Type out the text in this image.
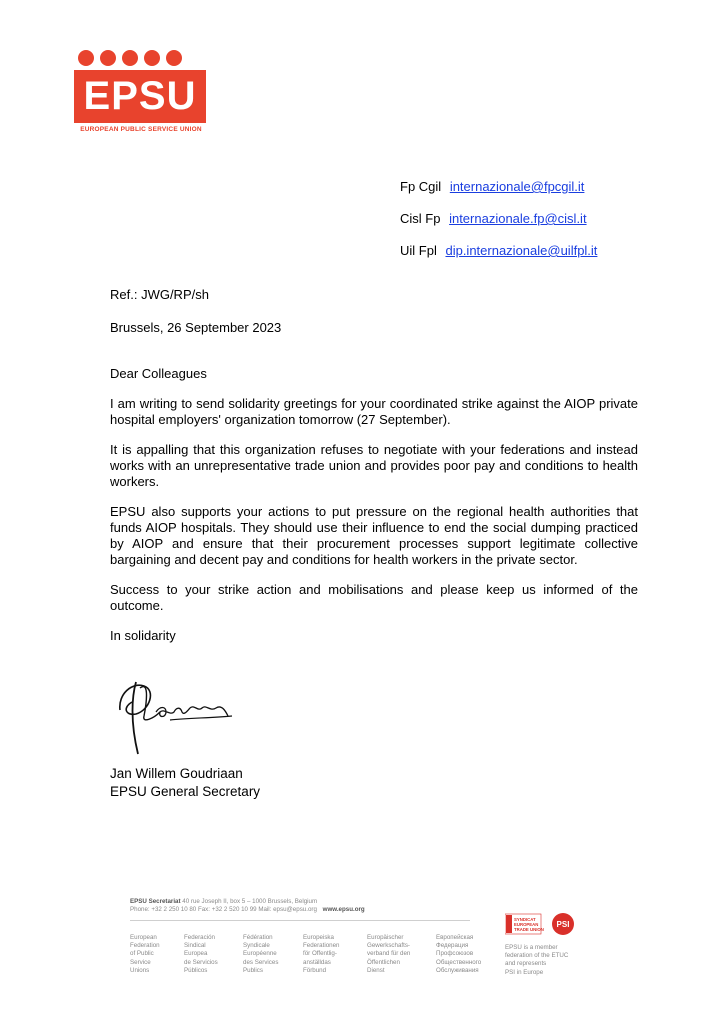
EPSU
EUROPEAN PUBLIC SERVICE UNION
Fp Cgil internazionale@fpcgil.it
Cisl Fp internazionale.fp@cisl.it
Uil Fpl dip.internazionale@uilfpl.it

Ref.: JWG/RP/sh

Brussels, 26 September 2023

Dear Colleagues

I am writing to send solidarity greetings for your coordinated strike against the AIOP private hospital employers' organization tomorrow (27 September).

It is appalling that this organization refuses to negotiate with your federations and instead works with an unrepresentative trade union and provides poor pay and conditions to health workers.

EPSU also supports your actions to put pressure on the regional health authorities that funds AIOP hospitals. They should use their influence to end the social dumping practiced by AIOP and ensure that their procurement processes support legitimate collective bargaining and decent pay and conditions for health workers in the private sector.

Success to your strike action and mobilisations and please keep us informed of the outcome.

In solidarity

Jan Willem Goudriaan
EPSU General Secretary
EPSU Secretariat 40 rue Joseph II, box 5 – 1000 Brussels, Belgium
Phone: +32 2 250 10 80 Fax: +32 2 520 10 99 Mail: epsu@epsu.org www.epsu.org
European
Federation
of Public
Service
Unions
Federación
Sindical
Europea
de Servicios
Públicos
Fédération
Syndicale
Européenne
des Services
Publics
Europeiska
Federationen
för Offentlig-
anställdas
Förbund
Europäischer
Gewerkschafts-
verband für den
Öffentlichen
Dienst
Европейская
Федерация
Профсоюзов
Общественного
Обслуживания
SYNDICAT
EUROPEAN
TRADE UNION
PSI
EPSU is a member
federation of the ETUC
and represents
PSI in Europe
